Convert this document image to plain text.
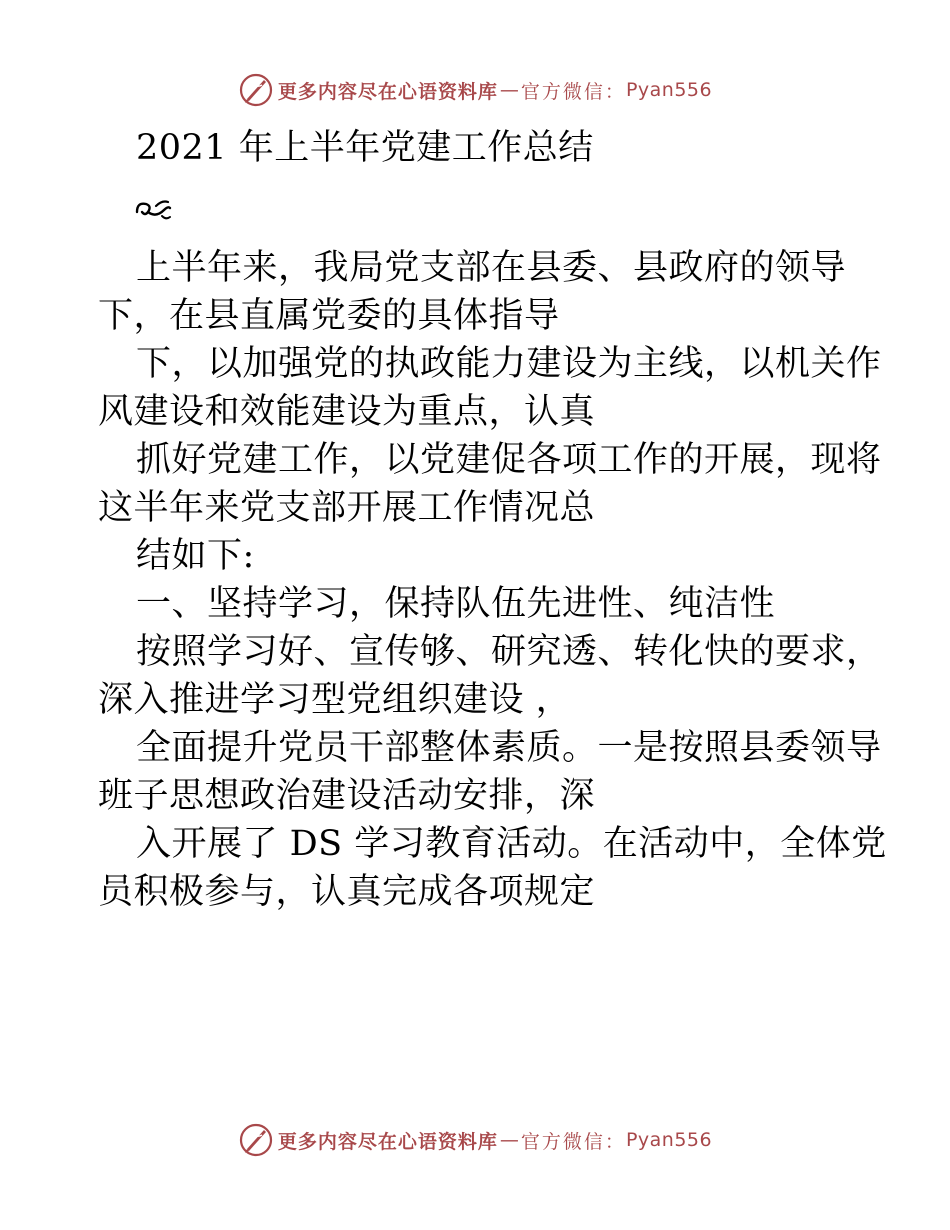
更多内容尽在心语资料库 — 官方微信： Pyan556
2021 年上半年党建工作总结
上半年来，我局党支部在县委、县政府的领导
下，在县直属党委的具体指导
下，以加强党的执政能力建设为主线，以机关作
风建设和效能建设为重点，认真
抓好党建工作，以党建促各项工作的开展，现将
这半年来党支部开展工作情况总
结如下:
一、坚持学习，保持队伍先进性、纯洁性
按照学习好、宣传够、研究透、转化快的要求，
深入推进学习型党组织建设 ，
全面提升党员干部整体素质。一是按照县委领导
班子思想政治建设活动安排，深
入开展了 DS 学习教育活动。在活动中，全体党
员积极参与，认真完成各项规定
更多内容尽在心语资料库 — 官方微信： Pyan556
